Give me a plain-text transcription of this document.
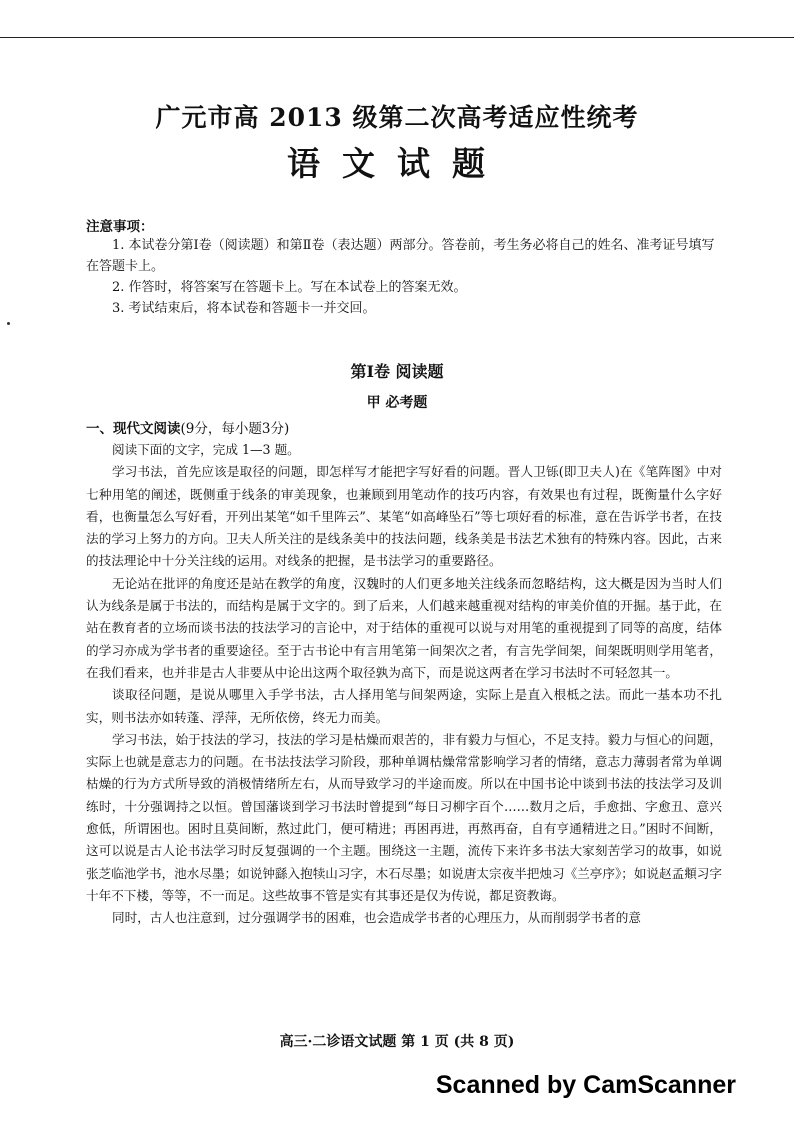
广元市高 2013 级第二次高考适应性统考
语文试题
注意事项：

1. 本试卷分第Ⅰ卷（阅读题）和第Ⅱ卷（表达题）两部分。答卷前，考生务必将自己的姓名、准考证号填写在答题卡上。

2. 作答时，将答案写在答题卡上。写在本试卷上的答案无效。

3. 考试结束后，将本试卷和答题卡一并交回。

第Ⅰ卷 阅读题
甲 必考题
一、现代文阅读(9分，每小题3分)

阅读下面的文字，完成 1—3 题。

学习书法，首先应该是取径的问题，即怎样写才能把字写好看的问题。晋人卫铄(即卫夫人)在《笔阵图》中对七种用笔的阐述，既侧重于线条的审美现象，也兼顾到用笔动作的技巧内容，有效果也有过程，既衡量什么字好看，也衡量怎么写好看，开列出某笔“如千里阵云”、某笔“如高峰坠石”等七项好看的标准，意在告诉学书者，在技法的学习上努力的方向。卫夫人所关注的是线条美中的技法问题，线条美是书法艺术独有的特殊内容。因此，古来的技法理论中十分关注线的运用。对线条的把握，是书法学习的重要路径。

无论站在批评的角度还是站在教学的角度，汉魏时的人们更多地关注线条而忽略结构，这大概是因为当时人们认为线条是属于书法的，而结构是属于文字的。到了后来，人们越来越重视对结构的审美价值的开掘。基于此，在站在教育者的立场而谈书法的技法学习的言论中，对于结体的重视可以说与对用笔的重视提到了同等的高度，结体的学习亦成为学书者的重要途径。至于古书论中有言用笔第一间架次之者，有言先学间架，间架既明则学用笔者，在我们看来，也并非是古人非要从中论出这两个取径孰为高下，而是说这两者在学习书法时不可轻忽其一。

谈取径问题，是说从哪里入手学书法，古人择用笔与间架两途，实际上是直入根柢之法。而此一基本功不扎实，则书法亦如转蓬、浮萍，无所依傍，终无力而美。

学习书法，始于技法的学习，技法的学习是枯燥而艰苦的，非有毅力与恒心，不足支持。毅力与恒心的问题，实际上也就是意志力的问题。在书法技法学习阶段，那种单调枯燥常常影响学习者的情绪，意志力薄弱者常为单调枯燥的行为方式所导致的消极情绪所左右，从而导致学习的半途而废。所以在中国书论中谈到书法的技法学习及训练时，十分强调持之以恒。曾国藩谈到学习书法时曾提到“每日习柳字百个……数月之后，手愈拙、字愈丑、意兴愈低，所谓困也。困时且莫间断，熬过此门，便可精进；再困再进，再熬再奋，自有亨通精进之日。”困时不间断，这可以说是古人论书法学习时反复强调的一个主题。围绕这一主题，流传下来许多书法大家刻苦学习的故事，如说张芝临池学书，池水尽墨；如说钟繇入抱犊山习字，木石尽墨；如说唐太宗夜半把烛习《兰亭序》；如说赵孟頫习字十年不下楼，等等，不一而足。这些故事不管是实有其事还是仅为传说，都足资教诲。

同时，古人也注意到，过分强调学书的困难，也会造成学书者的心理压力，从而削弱学书者的意

高三·二诊语文试题 第 1 页 (共 8 页)
Scanned by CamScanner
